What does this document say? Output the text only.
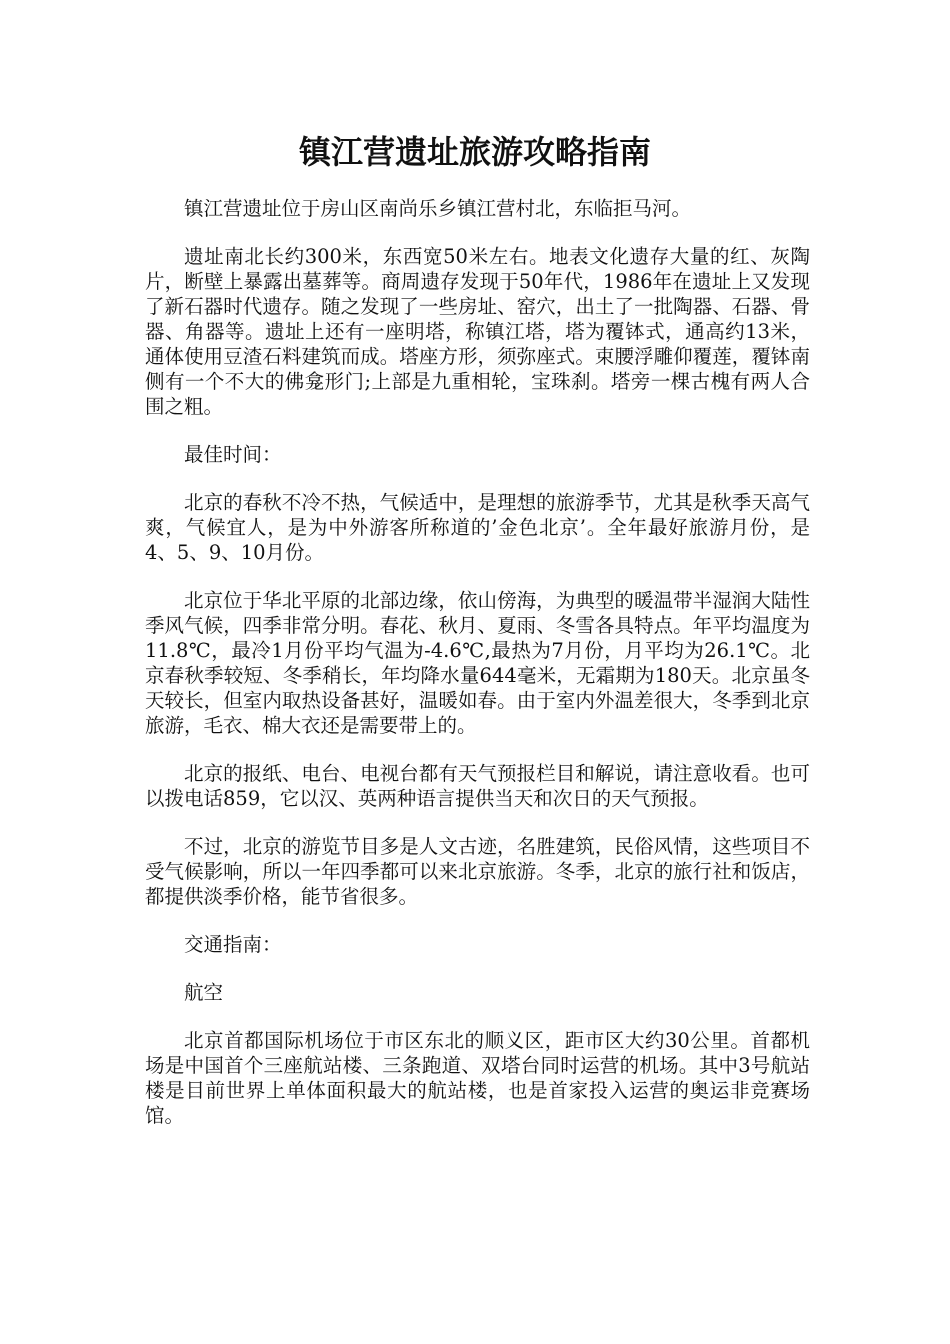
镇江营遗址旅游攻略指南

镇江营遗址位于房山区南尚乐乡镇江营村北，东临拒马河。

遗址南北长约300米，东西宽50米左右。地表文化遗存大量的红、灰陶片，断壁上暴露出墓葬等。商周遗存发现于50年代，1986年在遗址上又发现了新石器时代遗存。随之发现了一些房址、窑穴，出土了一批陶器、石器、骨器、角器等。遗址上还有一座明塔，称镇江塔，塔为覆钵式，通高约13米，通体使用豆渣石料建筑而成。塔座方形，须弥座式。束腰浮雕仰覆莲，覆钵南侧有一个不大的佛龛形门;上部是九重相轮，宝珠刹。塔旁一棵古槐有两人合围之粗。

最佳时间：

北京的春秋不冷不热，气候适中，是理想的旅游季节，尤其是秋季天高气爽，气候宜人，是为中外游客所称道的’金色北京’。全年最好旅游月份，是4、5、9、10月份。

北京位于华北平原的北部边缘，依山傍海，为典型的暖温带半湿润大陆性季风气候，四季非常分明。春花、秋月、夏雨、冬雪各具特点。年平均温度为11.8℃，最冷1月份平均气温为-4.6℃,最热为7月份，月平均为26.1℃。北京春秋季较短、冬季稍长，年均降水量644毫米，无霜期为180天。北京虽冬天较长，但室内取热设备甚好，温暖如春。由于室内外温差很大，冬季到北京旅游，毛衣、棉大衣还是需要带上的。

北京的报纸、电台、电视台都有天气预报栏目和解说，请注意收看。也可以拨电话859，它以汉、英两种语言提供当天和次日的天气预报。

不过，北京的游览节目多是人文古迹，名胜建筑，民俗风情，这些项目不受气候影响，所以一年四季都可以来北京旅游。冬季，北京的旅行社和饭店，都提供淡季价格，能节省很多。

交通指南：

航空

北京首都国际机场位于市区东北的顺义区，距市区大约30公里。首都机场是中国首个三座航站楼、三条跑道、双塔台同时运营的机场。其中3号航站楼是目前世界上单体面积最大的航站楼，也是首家投入运营的奥运非竞赛场馆。
